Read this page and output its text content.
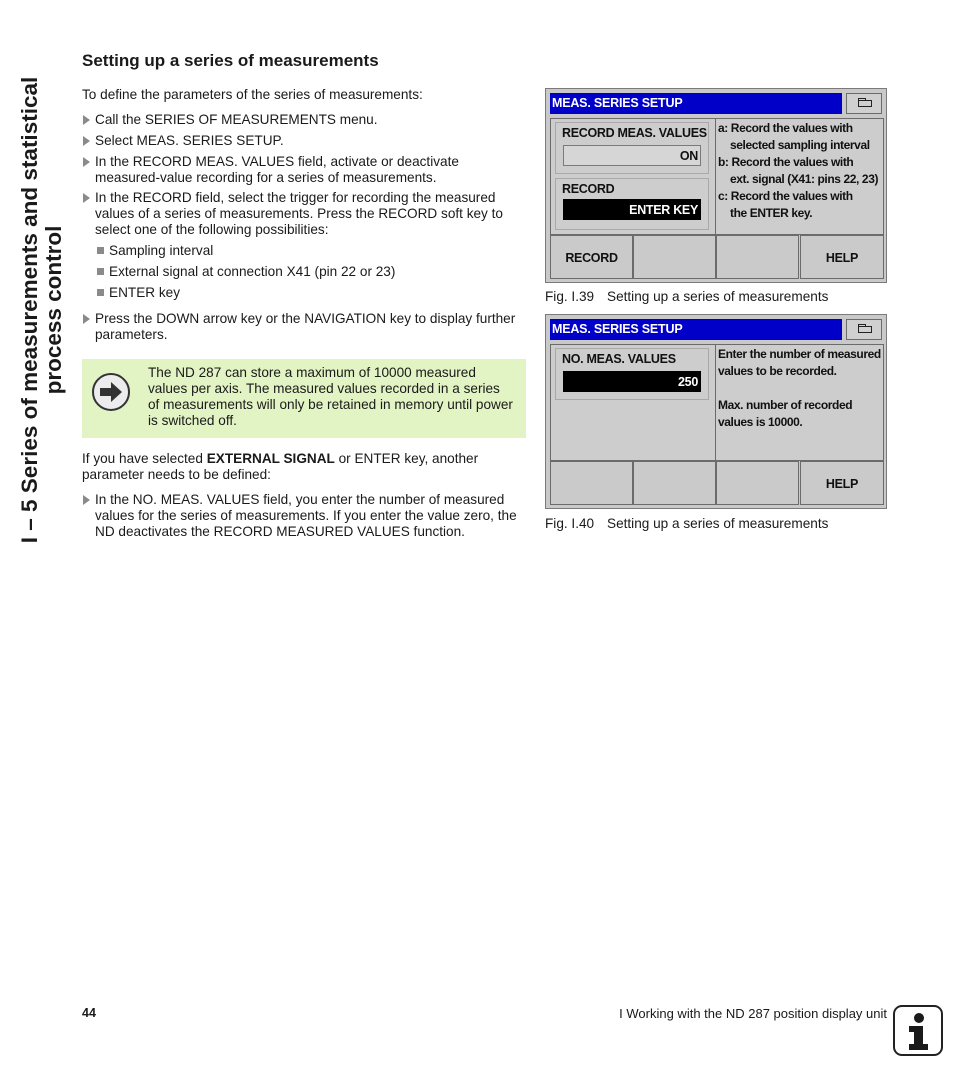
I – 5 Series of measurements and statistical process control
Setting up a series of measurements
To define the parameters of the series of measurements:
Call the SERIES OF MEASUREMENTS menu.
Select MEAS. SERIES SETUP.
In the RECORD MEAS. VALUES field, activate or deactivate measured-value recording for a series of measurements.
In the RECORD field, select the trigger for recording the measured values of a series of measurements. Press the RECORD soft key to select one of the following possibilities:
Sampling interval
External signal at connection X41 (pin 22 or 23)
ENTER key
Press the DOWN arrow key or the NAVIGATION key to display further parameters.
The ND 287 can store a maximum of 10000 measured values per axis. The measured values recorded in a series of measurements will only be retained in memory until power is switched off.
If you have selected EXTERNAL SIGNAL or ENTER key, another parameter needs to be defined:
In the NO. MEAS. VALUES field, you enter the number of measured values for the series of measurements. If you enter the value zero, the ND deactivates the RECORD MEASURED VALUES function.
MEAS. SERIES SETUP
RECORD MEAS. VALUES
ON
RECORD
ENTER KEY
a: Record the values with
selected sampling interval
b: Record the values with
ext. signal (X41: pins 22, 23)
c: Record the values with
the ENTER key.
RECORD	HELP
Fig. I.39 Setting up a series of measurements
MEAS. SERIES SETUP
NO. MEAS. VALUES
250
Enter the number of measured
values to be recorded.
Max. number of recorded
values is 10000.
HELP
Fig. I.40 Setting up a series of measurements
44	I Working with the ND 287 position display unit
